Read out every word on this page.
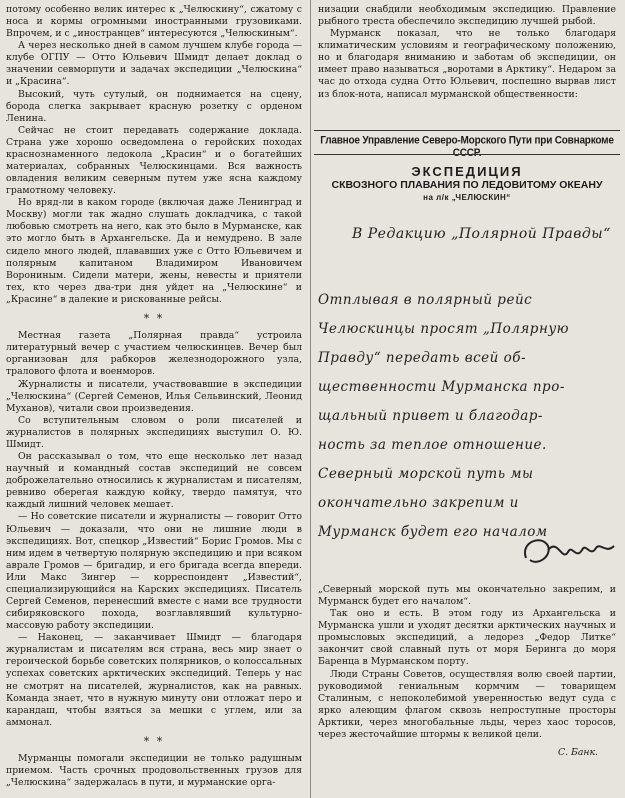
потому особенно велик интерес к „Челюскину“, сжатому с носа и кормы огромными иностранными грузовиками. Впрочем, и с „иностранцев“ интересуются „Челюскиным“.

А через несколько дней в самом лучшем клубе города — клубе ОГПУ — Отто Юльевич Шмидт делает доклад о значении севморпути и задачах экспедиции „Челюскина“ и „Красина“.

Высокий, чуть сутулый, он поднимается на сцену, борода слегка закрывает красную розетку с орденом Ленина.

Сейчас не стоит передавать содержание доклада. Страна уже хорошо осведомлена о геройских походах краснознаменного ледокола „Красин“ и о богатейших материалах, собранных Челюскинцами. Вся важность овладения великим северным путем уже ясна каждому грамотному человеку.

Но вряд-ли в каком городе (включая даже Ленинград и Москву) могли так жадно слушать докладчика, с такой любовью смотреть на него, как это было в Мурманске, как это могло быть в Архангельске. Да и немудрено. В зале сидело много людей, плававших уже с Отто Юльевичем и полярным капитаном Владимиром Ивановичем Ворониным. Сидели матери, жены, невесты и приятели тех, кто через два-три дня уйдет на „Челюскине“ и „Красине“ в далекие и рискованные рейсы.

* *

Местная газета „Полярная правда“ устроила литературный вечер с участием челюскинцев. Вечер был организован для рабкоров железнодорожного узла, тралового флота и военморов.

Журналисты и писатели, участвовавшие в экспедиции „Челюскина“ (Сергей Семенов, Илья Сельвинский, Леонид Муханов), читали свои произведения.

Со вступительным словом о роли писателей и журналистов в полярных экспедициях выступил О. Ю. Шмидт.

Он рассказывал о том, что еще несколько лет назад научный и командный состав экспедиций не совсем доброжелательно относились к журналистам и писателям, ревниво оберегая каждую койку, твердо памятуя, что каждый лишний человек мешает.

— Но советские писатели и журналисты — говорит Отто Юльевич — доказали, что они не лишние люди в экспедициях. Вот, спецкор „Известий“ Борис Громов. Мы с ним идем в четвертую полярную экспедицию и при всяком аврале Громов — бригадир, и его бригада всегда впереди. Или Макс Зингер — корреспондент „Известий“, специализирующийся на Карских экспедициях. Писатель Сергей Семенов, перенесший вместе с нами все трудности сибиряковского похода, возглавлявший культурно-массовую работу экспедиции.

— Наконец, — заканчивает Шмидт — благодаря журналистам и писателям вся страна, весь мир знает о героической борьбе советских полярников, о колоссальных успехах советских арктических экспедиций. Теперь у нас не смотрят на писателей, журналистов, как на равных. Команда знает, что в нужную минуту они отложат перо и карандаш, чтобы взяться за мешки с углем, или за аммонал.

* *

Мурманцы помогали экспедиции не только радушным приемом. Часть срочных продовольственных грузов для „Челюскина“ задержалась в пути, и мурманские орга-

низации снабдили необходимым экспедицию. Правление рыбного треста обеспечило экспедицию лучшей рыбой.

Мурманск показал, что не только благодаря климатическим условиям и географическому положению, но и благодаря вниманию и заботам об экспедиции, он имеет право называться „воротами в Арктику“. Недаром за час до отхода судна Отто Юльевич, поспешно вырвав лист из блок-нота, написал мурманской общественности:

Главное Управление Северо-Морского Пути при Совнаркоме
ЭКСПЕДИЦИЯ
СКВОЗНОГО ПЛАВАНИЯ ПО ЛЕДОВИТОМУ ОКЕАНУ
на л/к „ЧЕЛЮСКИН“
В Редакцию „Полярной Правды“
Отплывая в полярный рейс
Челюскинцы просят „Полярную
Правду“ передать всей об-
щественности Мурманска про-
щальный привет и благодар-
ность за теплое отношение.
Северный морской путь мы
окончательно закрепим и
Мурманск будет его началом

„Северный морской путь мы окончательно закрепим, и Мурманск будет его началом“.

Так оно и есть. В этом году из Архангельска и Мурманска ушли и уходят десятки арктических научных и промысловых экспедиций, а ледорез „Федор Литке“ закончит свой славный путь от моря Беринга до моря Баренца в Мурманском порту.

Люди Страны Советов, осуществляя волю своей партии, руководимой гениальным кормчим — товарищем Сталиным, с непоколебимой уверенностью ведут суда с ярко алеющим флагом сквозь непроступные просторы Арктики, через многобальные льды, через хаос торосов, через жесточайшие штормы к великой цели.

С. Банк.
